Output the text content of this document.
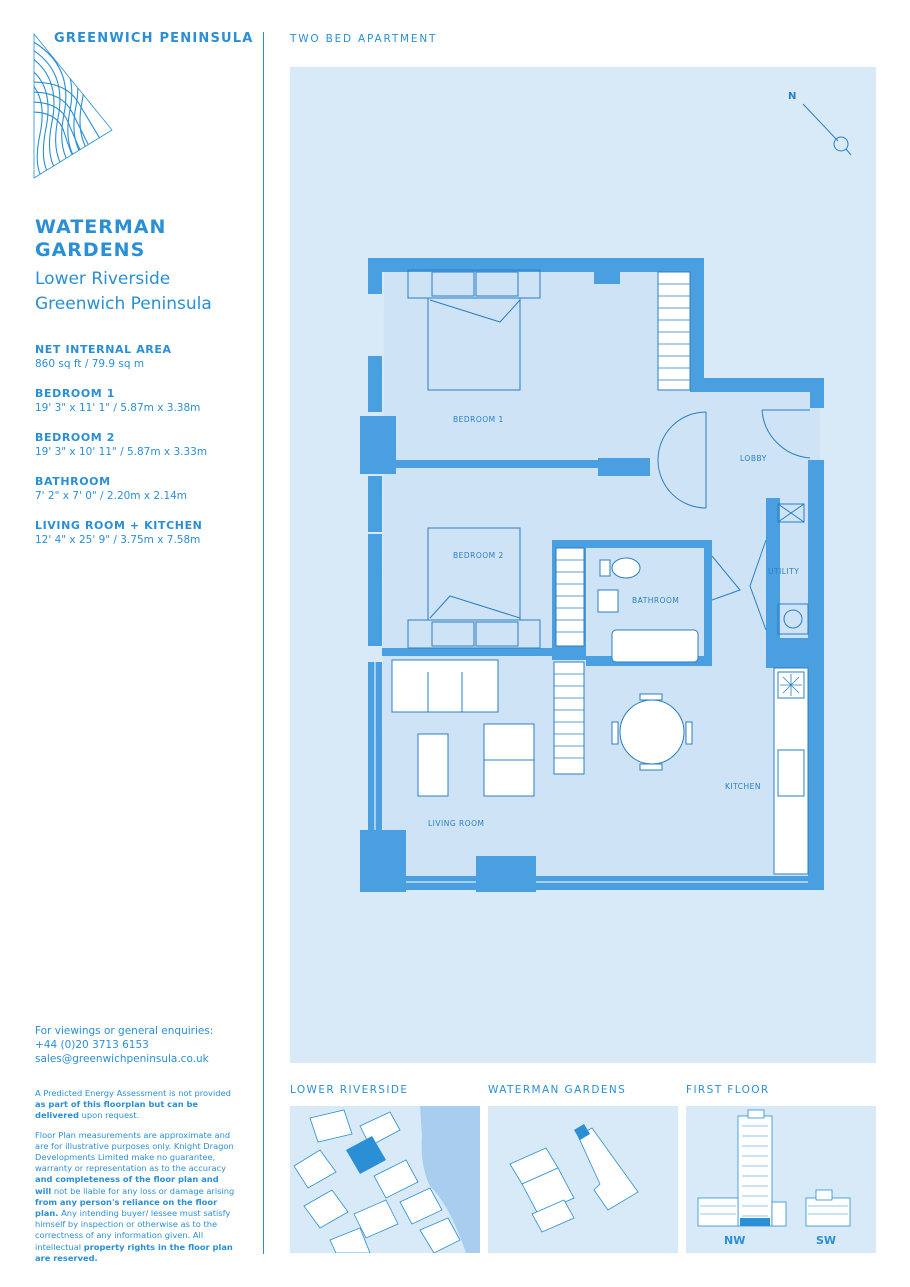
GREENWICH PENINSULA	TWO BED APARTMENT
WATERMAN
GARDENS
Lower Riverside
Greenwich Peninsula
NET INTERNAL AREA
860 sq ft / 79.9 sq m
BEDROOM 1
19' 3" x 11' 1" / 5.87m x 3.38m
BEDROOM 2
19' 3" x 10' 11" / 5.87m x 3.33m
BATHROOM
7' 2" x 7' 0" / 2.20m x 2.14m
LIVING ROOM + KITCHEN
12' 4" x 25' 9" / 3.75m x 7.58m
For viewings or general enquiries:
+44 (0)20 3713 6153
sales@greenwichpeninsula.co.uk

A Predicted Energy Assessment is not provided as part of this floorplan but can be delivered upon request.

Floor Plan measurements are approximate and are for illustrative purposes only. Knight Dragon Developments Limited make no guarantee, warranty or representation as to the accuracy and completeness of the floor plan and will not be liable for any loss or damage arising from any person's reliance on the floor plan. Any intending buyer/ lessee must satisfy himself by inspection or otherwise as to the correctness of any information given. All intellectual property rights in the floor plan are reserved.

N
BEDROOM 1
BEDROOM 2
LOBBY
UTILITY
BATHROOM
KITCHEN
LIVING ROOM
LOWER RIVERSIDE	WATERMAN GARDENS	FIRST FLOOR
NW	SW
